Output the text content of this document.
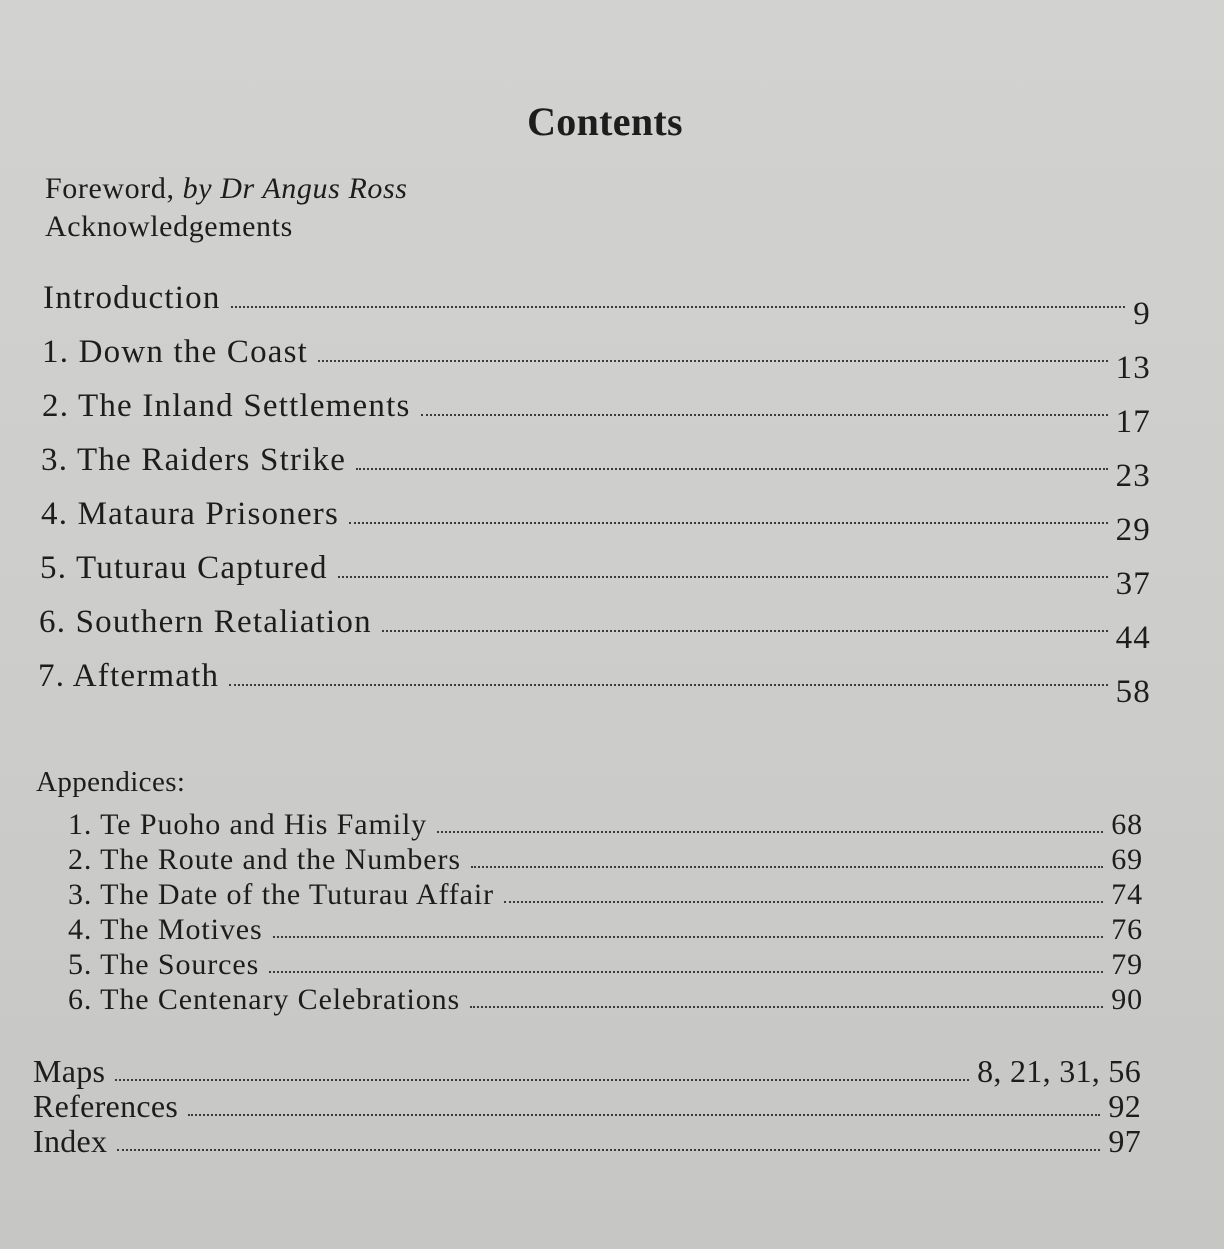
Contents
Foreword, by Dr Angus Ross
Acknowledgements
Introduction	9
1. Down the Coast	13
2. The Inland Settlements	17
3. The Raiders Strike	23
4. Mataura Prisoners	29
5. Tuturau Captured	37
6. Southern Retaliation	44
7. Aftermath	58
Appendices:
1. Te Puoho and His Family	68
2. The Route and the Numbers	69
3. The Date of the Tuturau Affair	74
4. The Motives	76
5. The Sources	79
6. The Centenary Celebrations	90
Maps	8, 21, 31, 56
References	92
Index	97
